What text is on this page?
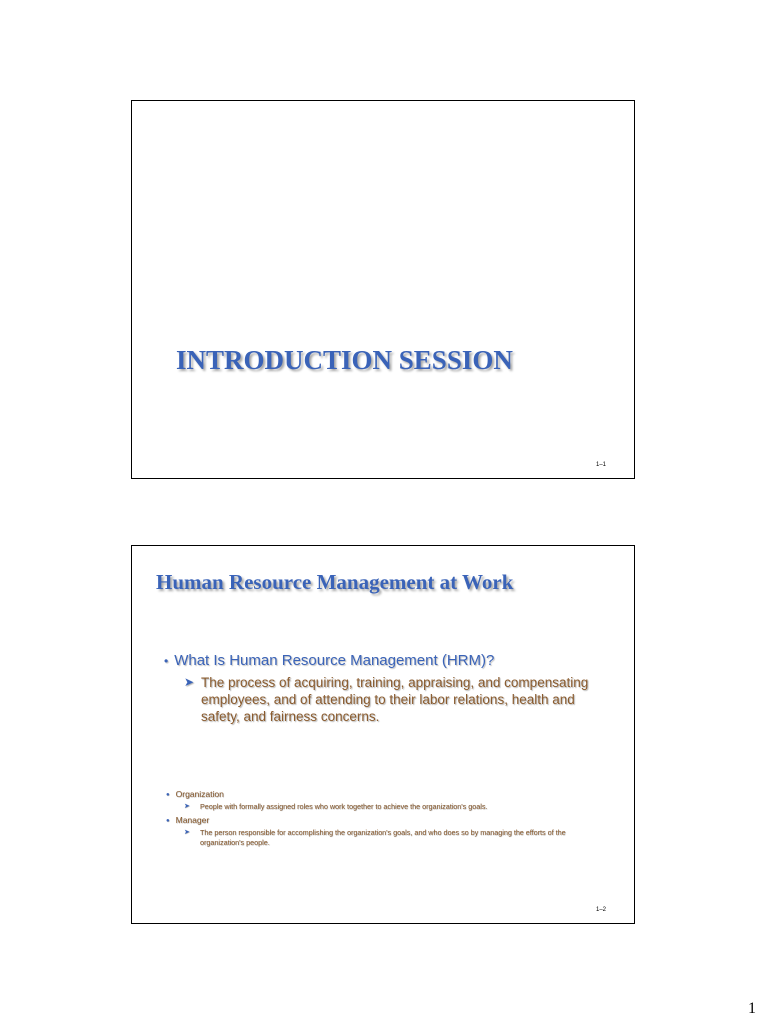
INTRODUCTION SESSION
1–1
Human Resource Management at Work
• What Is Human Resource Management (HRM)?
➤ The process of acquiring, training, appraising, and compensating employees, and of attending to their labor relations, health and safety, and fairness concerns.
● Organization
➤ People with formally assigned roles who work together to achieve the organization's goals.
● Manager
➤ The person responsible for accomplishing the organization's goals, and who does so by managing the efforts of the organization's people.
1–2
1
